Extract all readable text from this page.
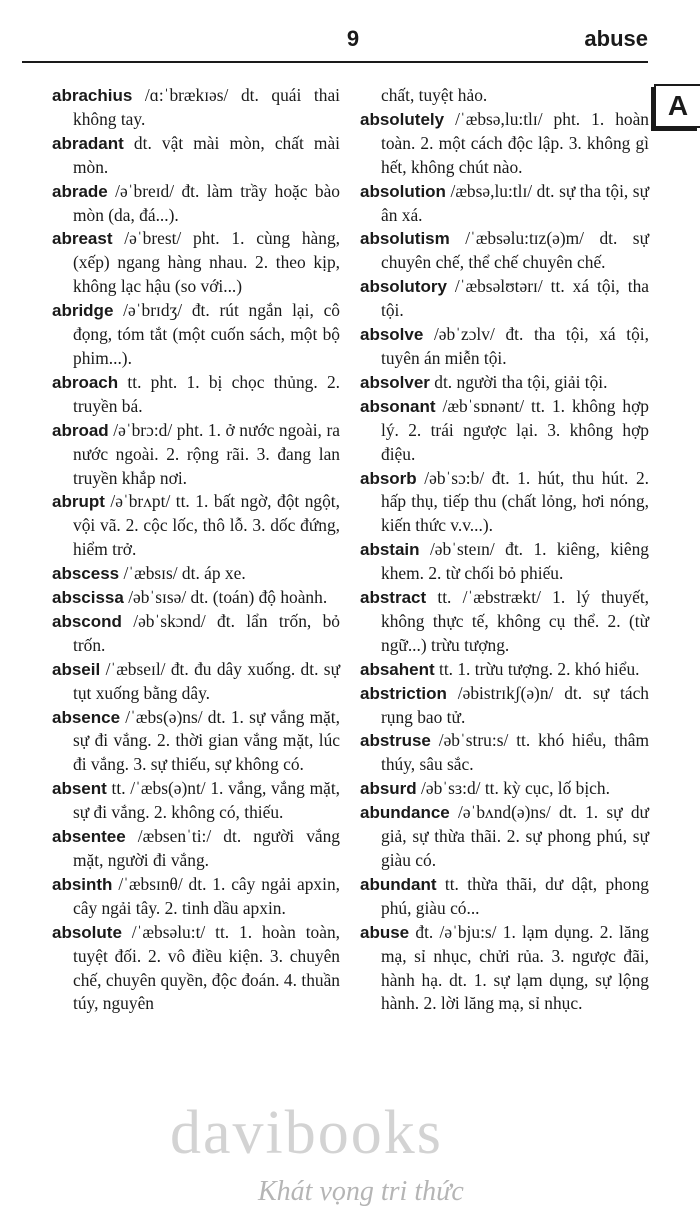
9	abuse
A
abrachius /ɑ:ˈbrækɪəs/ dt. quái thai không tay.
abradant dt. vật mài mòn, chất mài mòn.
abrade /əˈbreɪd/ đt. làm trầy hoặc bào mòn (da, đá...).
abreast /əˈbrest/ pht. 1. cùng hàng, (xếp) ngang hàng nhau. 2. theo kịp, không lạc hậu (so với...)
abridge /əˈbrɪdʒ/ đt. rút ngắn lại, cô đọng, tóm tắt (một cuốn sách, một bộ phim...).
abroach tt. pht. 1. bị chọc thủng. 2. truyền bá.
abroad /əˈbrɔ:d/ pht. 1. ở nước ngoài, ra nước ngoài. 2. rộng rãi. 3. đang lan truyền khắp nơi.
abrupt /əˈbrʌpt/ tt. 1. bất ngờ, đột ngột, vội vã. 2. cộc lốc, thô lỗ. 3. dốc đứng, hiểm trở.
abscess /ˈæbsɪs/ dt. áp xe.
abscissa /əbˈsɪsə/ dt. (toán) độ hoành.
abscond /əbˈskɔnd/ đt. lẩn trốn, bỏ trốn.
abseil /ˈæbseɪl/ đt. đu dây xuống. dt. sự tụt xuống bằng dây.
absence /ˈæbs(ə)ns/ dt. 1. sự vắng mặt, sự đi vắng. 2. thời gian vắng mặt, lúc đi vắng. 3. sự thiếu, sự không có.
absent tt. /ˈæbs(ə)nt/ 1. vắng, vắng mặt, sự đi vắng. 2. không có, thiếu.
absentee /æbsenˈti:/ dt. người vắng mặt, người đi vắng.
absinth /ˈæbsɪnθ/ dt. 1. cây ngải apxin, cây ngải tây. 2. tinh dầu apxin.
absolute /ˈæbsəlu:t/ tt. 1. hoàn toàn, tuyệt đối. 2. vô điều kiện. 3. chuyên chế, chuyên quyền, độc đoán. 4. thuần túy, nguyên
chất, tuyệt hảo.
absolutely /ˈæbsə,lu:tlɪ/ pht. 1. hoàn toàn. 2. một cách độc lập. 3. không gì hết, không chút nào.
absolution /æbsə,lu:tlɪ/ dt. sự tha tội, sự ân xá.
absolutism /ˈæbsəlu:tɪz(ə)m/ dt. sự chuyên chế, thể chế chuyên chế.
absolutory /ˈæbsəlʊtərɪ/ tt. xá tội, tha tội.
absolve /əbˈzɔlv/ đt. tha tội, xá tội, tuyên án miễn tội.
absolver dt. người tha tội, giải tội.
absonant /æbˈsɒnənt/ tt. 1. không hợp lý. 2. trái ngược lại. 3. không hợp điệu.
absorb /əbˈsɔ:b/ đt. 1. hút, thu hút. 2. hấp thụ, tiếp thu (chất lỏng, hơi nóng, kiến thức v.v...).
abstain /əbˈsteɪn/ đt. 1. kiêng, kiêng khem. 2. từ chối bỏ phiếu.
abstract tt. /ˈæbstrækt/ 1. lý thuyết, không thực tế, không cụ thể. 2. (từ ngữ...) trừu tượng.
absahent tt. 1. trừu tượng. 2. khó hiểu.
abstriction /əbistrɪkʃ(ə)n/ dt. sự tách rụng bao tử.
abstruse /əbˈstru:s/ tt. khó hiểu, thâm thúy, sâu sắc.
absurd /əbˈsɜ:d/ tt. kỳ cục, lố bịch.
abundance /əˈbʌnd(ə)ns/ dt. 1. sự dư giả, sự thừa thãi. 2. sự phong phú, sự giàu có.
abundant tt. thừa thãi, dư dật, phong phú, giàu có...
abuse đt. /əˈbju:s/ 1. lạm dụng. 2. lăng mạ, sỉ nhục, chửi rủa. 3. ngược đãi, hành hạ. dt. 1. sự lạm dụng, sự lộng hành. 2. lời lăng mạ, sỉ nhục.
davibooks
Khát vọng tri thức
